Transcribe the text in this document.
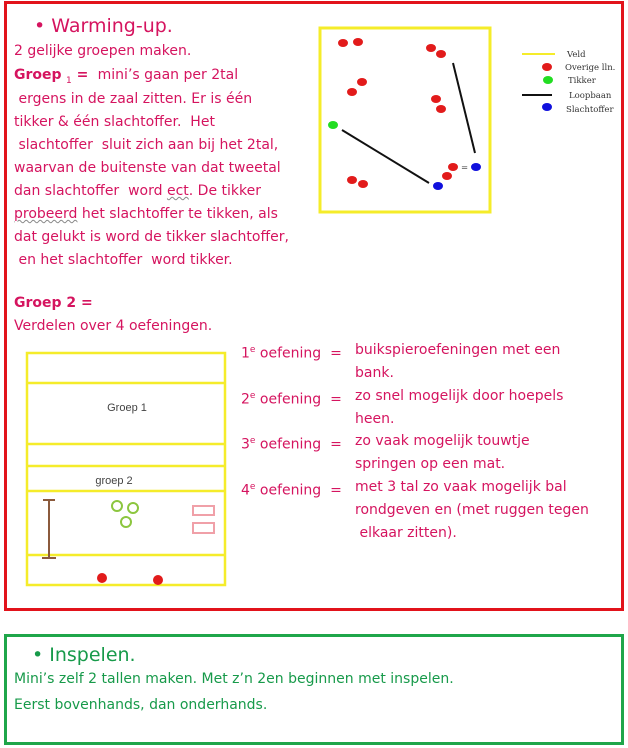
• Warming-up.
2 gelijke groepen maken.
Groep $_1$ =  mini’s gaan per 2tal
ergens in de zaal zitten. Er is één
tikker & één slachtoffer.  Het
slachtoffer  sluit zich aan bij het 2tal,
waarvan de buitenste van dat tweetal
dan slachtoffer  word ect. De tikker
probeerd het slachtoffer te tikken, als
dat gelukt is word de tikker slachtoffer,
en het slachtoffer  word tikker.
Groep 2 =
Verdelen over 4 oefeningen.
=
Veld
Overige lln.
Tikker
Loopbaan
Slachtoffer
Groep 1
groep 2
1e oefening  = buikspieroefeningen met een
bank.
2e oefening  = zo snel mogelijk door hoepels
heen.
3e oefening  = zo vaak mogelijk touwtje
springen op een mat.
4e oefening  = met 3 tal zo vaak mogelijk bal
rondgeven en (met ruggen tegen
elkaar zitten).
• Inspelen.
Mini’s zelf 2 tallen maken. Met z’n 2en beginnen met inspelen.
Eerst bovenhands, dan onderhands.
